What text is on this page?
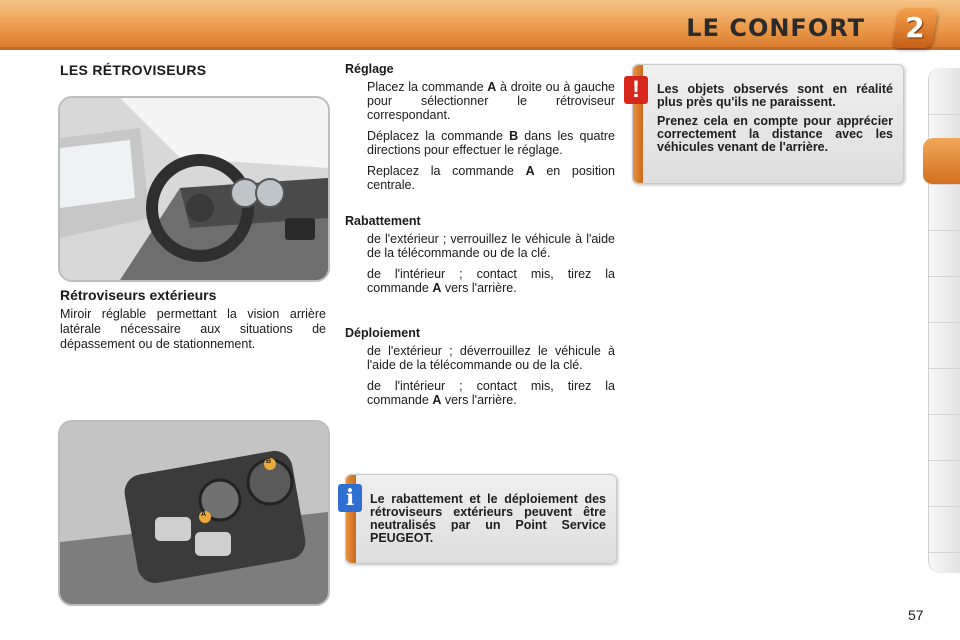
LE CONFORT	2
LES RÉTROVISEURS
Rétroviseurs extérieurs
Miroir réglable permettant la vision arrière latérale nécessaire aux situations de dépassement ou de stationnement.
A
B
Réglage
Placez la commande A à droite ou à gauche pour sélectionner le rétroviseur correspondant.
Déplacez la commande B dans les quatre directions pour effectuer le réglage.
Replacez la commande A en position centrale.
Rabattement
de l'extérieur ; verrouillez le véhicule à l'aide de la télécommande ou de la clé.
de l'intérieur ; contact mis, tirez la commande A vers l'arrière.
Déploiement
de l'extérieur ; déverrouillez le véhicule à l'aide de la télécommande ou de la clé.
de l'intérieur ; contact mis, tirez la commande A vers l'arrière.
Les objets observés sont en réalité plus près qu'ils ne paraissent.
Prenez cela en compte pour apprécier correctement la distance avec les véhicules venant de l'arrière.
!
Le rabattement et le déploiement des rétroviseurs extérieurs peuvent être neutralisés par un Point Service PEUGEOT.
i
57
